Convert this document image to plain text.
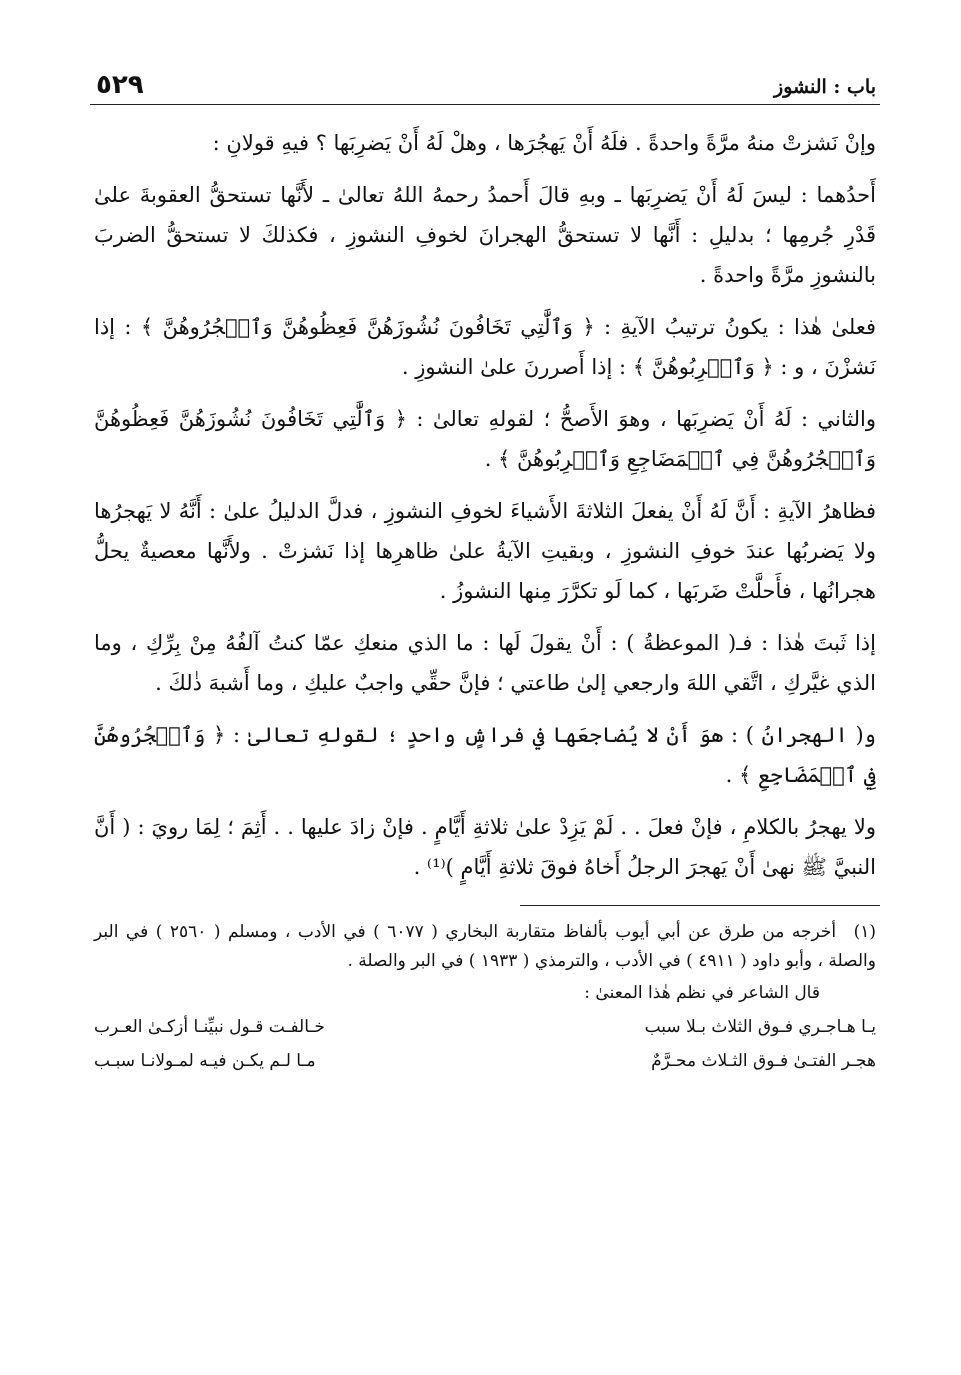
باب : النشوز
٥٢٩

وإنْ نَشزتْ منهُ مرَّةً واحدةً . فلَهُ أَنْ يَهجُرَها ، وهلْ لَهُ أَنْ يَضرِبَها ؟ فيهِ قولانِ :

أَحدُهما : ليسَ لَهُ أَنْ يَضرِبَها ـ وبهِ قالَ أَحمدُ رحمهُ اللهُ تعالىٰ ـ لأَنَّها تستحقُّ العقوبةَ علىٰ قَدْرِ جُرمِها ؛ بدليلِ : أَنَّها لا تستحقُّ الهجرانَ لخوفِ النشوزِ ، فكذلكَ لا تستحقُّ الضربَ بالنشوزِ مرَّةً واحدةً .

فعلىٰ هٰذا : يكونُ ترتيبُ الآيةِ : ﴿ وَٱلَّٰتِي تَخَافُونَ نُشُوزَهُنَّ فَعِظُوهُنَّ وَٱهۡجُرُوهُنَّ ﴾ : إذا نَشزْنَ ، و : ﴿ وَٱضۡرِبُوهُنَّ ﴾ : إذا أَصررنَ علىٰ النشوزِ .

والثاني : لَهُ أَنْ يَضرِبَها ، وهوَ الأَصحُّ ؛ لقولهِ تعالىٰ : ﴿ وَٱلَّٰتِي تَخَافُونَ نُشُوزَهُنَّ فَعِظُوهُنَّ وَٱهۡجُرُوهُنَّ فِي ٱلۡمَضَاجِعِ وَٱضۡرِبُوهُنَّ ﴾ .

فظاهرُ الآيةِ : أَنَّ لَهُ أَنْ يفعلَ الثلاثةَ الأَشياءَ لخوفِ النشوزِ ، فدلَّ الدليلُ علىٰ : أَنَّهُ لا يَهجرُها ولا يَضربُها عندَ خوفِ النشوزِ ، وبقيتِ الآيةُ علىٰ ظاهرِها إذا نَشزتْ . ولأَنَّها معصيةٌ يحلُّ هجرانُها ، فأَحلَّتْ ضَربَها ، كما لَو تكرَّرَ مِنها النشوزُ .

إذا ثَبتَ هٰذا : فـ( الموعظةُ ) : أَنْ يقولَ لَها : ما الذي منعكِ عمّا كنتُ آلفُهُ مِنْ بِرِّكِ ، وما الذي غيَّركِ ، اتَّقي اللهَ وارجعي إلىٰ طاعتي ؛ فإنَّ حقِّي واجبٌ عليكِ ، وما أَشبهَ ذٰلكَ .

و( الهجرانُ ) : هوَ أَنْ لا يُضاجعَها في فراشٍ واحدٍ ؛ لقولهِ تعالىٰ : ﴿ وَٱهۡجُرُوهُنَّ فِي ٱلۡمَضَاجِعِ ﴾ .

ولا يهجرُ بالكلامِ ، فإنْ فعلَ . . لَمْ يَزِدْ علىٰ ثلاثةِ أَيَّامٍ . فإنْ زادَ عليها . . أَثِمَ ؛ لِمَا رويَ : ( أَنَّ النبيَّ ﷺ نهىٰ أَنْ يَهجرَ الرجلُ أَخاهُ فوقَ ثلاثةِ أَيَّامٍ )⁽¹⁾ .

(١) أخرجه من طرق عن أبي أيوب بألفاظ متقاربة البخاري ( ٦٠٧٧ ) في الأدب ، ومسلم ( ٢٥٦٠ ) في البر والصلة ، وأبو داود ( ٤٩١١ ) في الأدب ، والترمذي ( ١٩٣٣ ) في البر والصلة .
قال الشاعر في نظم هٰذا المعنىٰ :
يـا هـاجـري فـوق الثلاث بـلا سبب
خـالفـت قـول نبيِّنـا أزكـىٰ العـرب
هجـر الفتـىٰ فـوق الثـلاث محـرَّمٌ
مـا لـم يكـن فيـه لمـولانـا سبـب
